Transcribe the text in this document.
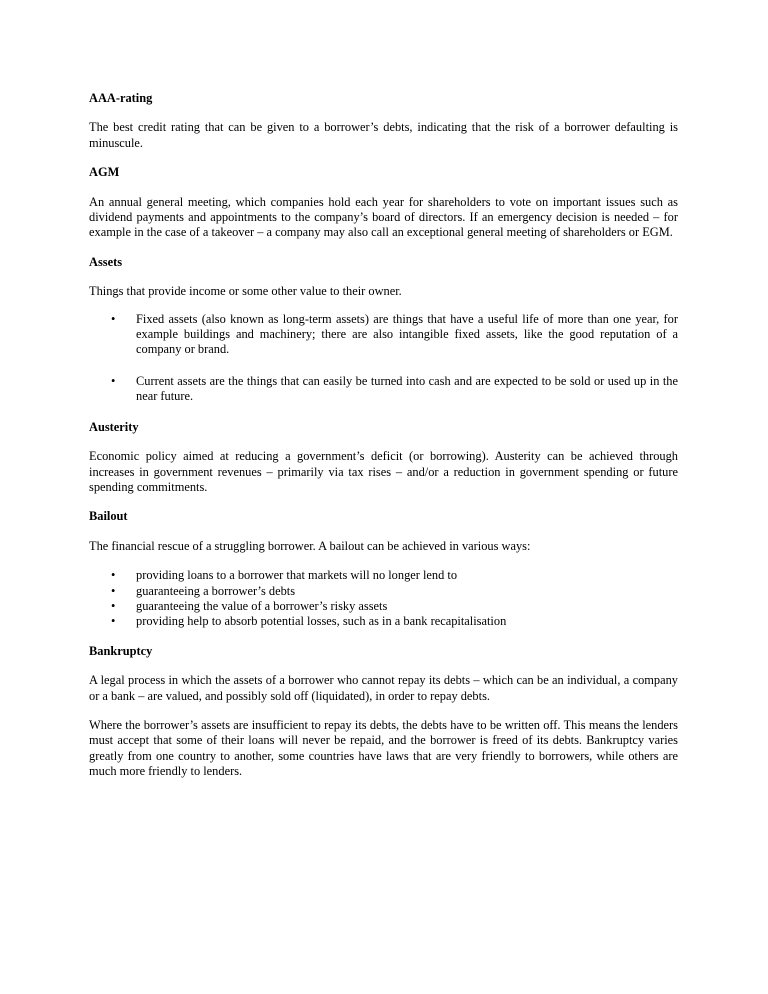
AAA-rating
The best credit rating that can be given to a borrower’s debts, indicating that the risk of a borrower defaulting is minuscule.
AGM
An annual general meeting, which companies hold each year for shareholders to vote on important issues such as dividend payments and appointments to the company’s board of directors. If an emergency decision is needed – for example in the case of a takeover – a company may also call an exceptional general meeting of shareholders or EGM.
Assets
Things that provide income or some other value to their owner.
• Fixed assets (also known as long-term assets) are things that have a useful life of more than one year, for example buildings and machinery; there are also intangible fixed assets, like the good reputation of a company or brand.
• Current assets are the things that can easily be turned into cash and are expected to be sold or used up in the near future.
Austerity
Economic policy aimed at reducing a government’s deficit (or borrowing). Austerity can be achieved through increases in government revenues – primarily via tax rises – and/or a reduction in government spending or future spending commitments.
Bailout
The financial rescue of a struggling borrower. A bailout can be achieved in various ways:
• providing loans to a borrower that markets will no longer lend to
• guaranteeing a borrower’s debts
• guaranteeing the value of a borrower’s risky assets
• providing help to absorb potential losses, such as in a bank recapitalisation
Bankruptcy
A legal process in which the assets of a borrower who cannot repay its debts – which can be an individual, a company or a bank – are valued, and possibly sold off (liquidated), in order to repay debts.
Where the borrower’s assets are insufficient to repay its debts, the debts have to be written off. This means the lenders must accept that some of their loans will never be repaid, and the borrower is freed of its debts. Bankruptcy varies greatly from one country to another, some countries have laws that are very friendly to borrowers, while others are much more friendly to lenders.
